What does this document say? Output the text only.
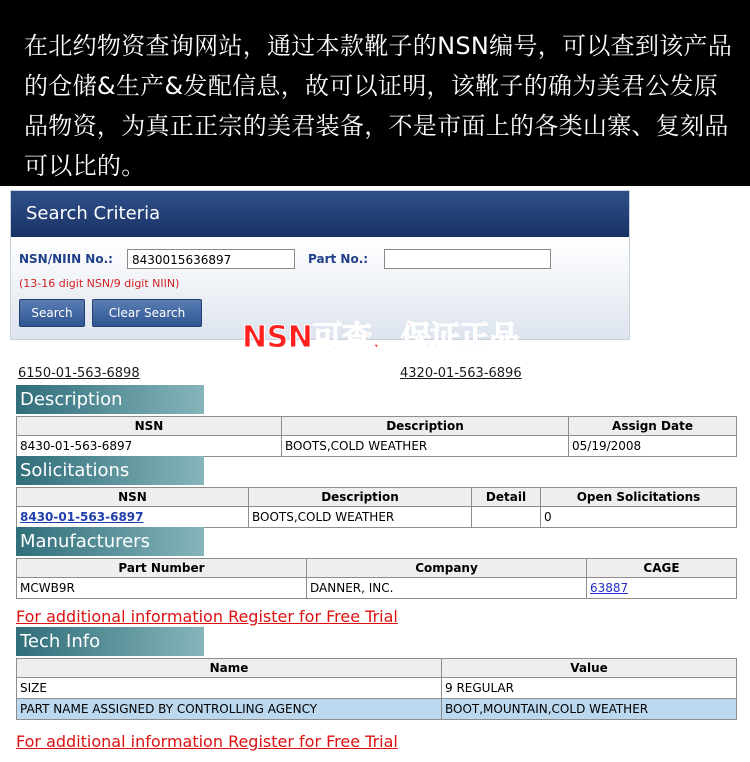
在北约物资查询网站，通过本款靴子的NSN编号，可以查到该产品的仓储&生产&发配信息，故可以证明，该靴子的确为美君公发原品物资，为真正正宗的美君装备，不是市面上的各类山寨、复刻品可以比的。

Search Criteria
NSN/NIIN No.:	8430015636897	Part No.:
(13-16 digit NSN/9 digit NIIN)
Search	Clear Search
NSN可查，保证正品
6150-01-563-6898	4320-01-563-6896
Description
NSN	Description	Assign Date
8430-01-563-6897	BOOTS,COLD WEATHER	05/19/2008
Solicitations
NSN	Description	Detail	Open Solicitations
8430-01-563-6897	BOOTS,COLD WEATHER		0
Manufacturers
Part Number	Company	CAGE
MCWB9R	DANNER, INC.	63887
For additional information Register for Free Trial
Tech Info
Name	Value
SIZE	9 REGULAR
PART NAME ASSIGNED BY CONTROLLING AGENCY	BOOT,MOUNTAIN,COLD WEATHER
For additional information Register for Free Trial
